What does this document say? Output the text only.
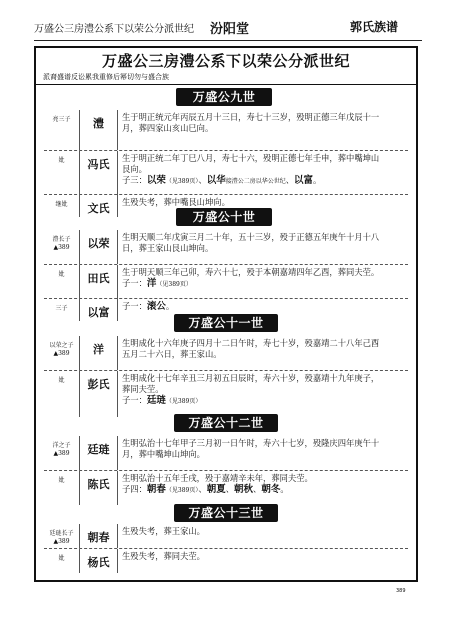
万盛公三房澧公系下以荣公分派世纪 汾阳堂	郭氏族谱
万盛公三房澧公系下以荣公分派世纪
派裔盛谱反讼累我重修后幂切勿与盛合族
万盛公九世
亮三子	澧	生于明正统元年丙辰五月十三日，寿七十三岁，殁明正德三年戊辰十一
月，葬四家山亥山巳向。
妣	冯氏	生于明正统二年丁巳八月，寿七十六，殁明正德七年壬申，葬中嘴坤山
艮向。
子三：以荣（见389页）、以华接澧公二房以华公世纪、以富。
继妣	文氏	生殁失考，葬中嘴艮山坤向。
万盛公十世
澧长子
▲389	以荣	生明天顺二年戊寅三月二十年，五十三岁，殁于正德五年庚午十月十八
日，葬王家山艮山坤向。
妣	田氏	生于明天顺三年己卯，寿六十七，殁于本朝嘉靖四年乙酉，葬同夫茔。
子一：洋（见389页）
三子	以富	子一：滚公。
万盛公十一世
以荣之子
▲389	洋	生明成化十六年庚子四月十二日午时，寿七十岁，殁嘉靖二十八年己酉
五月二十六日，葬王家山。
妣	彭氏	生明成化十七年辛丑三月初五日辰时，寿六十岁，殁嘉靖十九年庚子，
葬同夫茔。
子一：廷琏（见389页）
万盛公十二世
洋之子
▲389	廷琏	生明弘治十七年甲子三月初一日午时，寿六十七岁，殁隆庆四年庚午十
月，葬中嘴坤山坤向。
妣	陈氏	生明弘治十五年壬戌，殁于嘉靖辛未年，葬同夫茔。
子四：朝春（见389页）、朝夏、朝秋、朝冬。
万盛公十三世
廷琏长子
▲389	朝春	生殁失考，葬王家山。
妣	杨氏	生殁失考，葬同夫茔。
389
